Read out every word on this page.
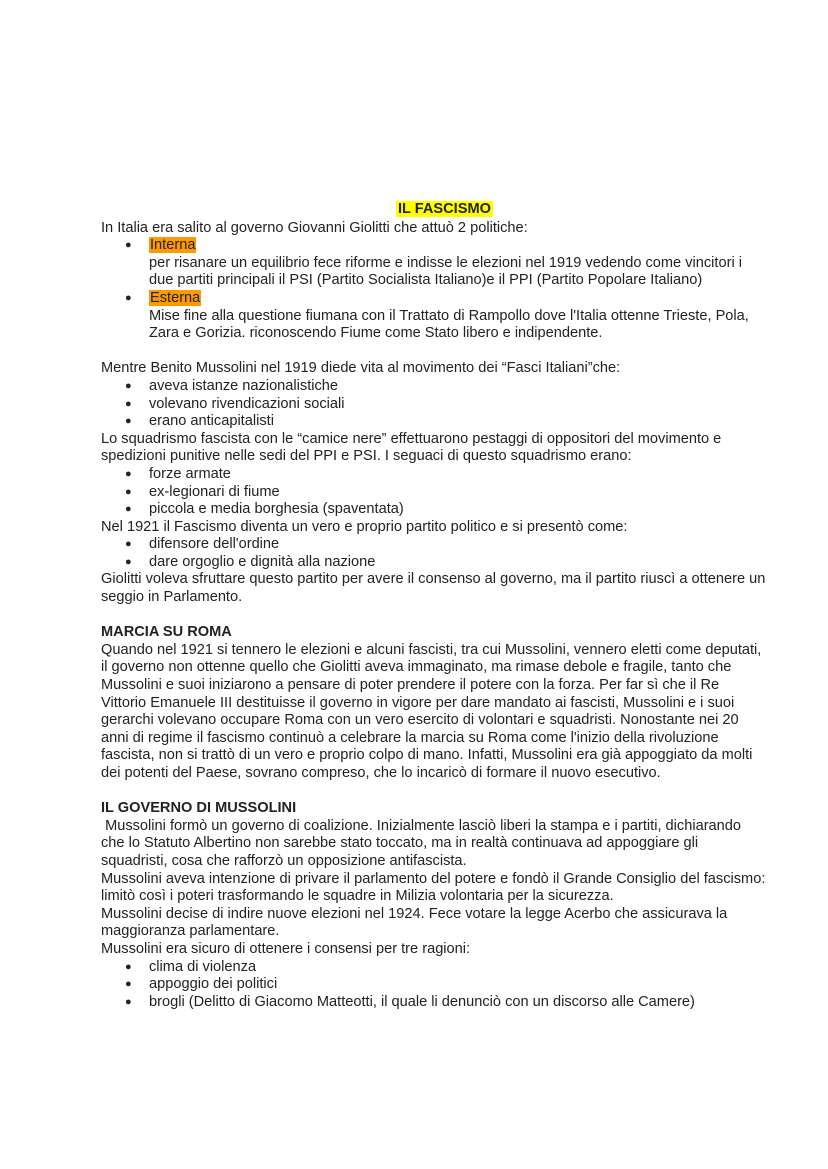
IL FASCISMO

In Italia era salito al governo Giovanni Giolitti che attuò 2 politiche:

● Interna

per risanare un equilibrio fece riforme e indisse le elezioni nel 1919 vedendo come vincitori i due partiti principali il PSI (Partito Socialista Italiano)e il PPI (Partito Popolare Italiano)

● Esterna

Mise fine alla questione fiumana con il Trattato di Rampollo dove l'Italia ottenne Trieste, Pola, Zara e Gorizia. riconoscendo Fiume come Stato libero e indipendente.

Mentre Benito Mussolini nel 1919 diede vita al movimento dei “Fasci Italiani”che:

● aveva istanze nazionalistiche
● volevano rivendicazioni sociali
● erano anticapitalisti

Lo squadrismo fascista con le “camice nere” effettuarono pestaggi di oppositori del movimento e spedizioni punitive nelle sedi del PPI e PSI. I seguaci di questo squadrismo erano:

● forze armate
● ex-legionari di fiume
● piccola e media borghesia (spaventata)

Nel 1921 il Fascismo diventa un vero e proprio partito politico e si presentò come:

● difensore dell'ordine
● dare orgoglio e dignità alla nazione

Giolitti voleva sfruttare questo partito per avere il consenso al governo, ma il partito riuscì a ottenere un seggio in Parlamento.

MARCIA SU ROMA

Quando nel 1921 si tennero le elezioni e alcuni fascisti, tra cui Mussolini, vennero eletti come deputati, il governo non ottenne quello che Giolitti aveva immaginato, ma rimase debole e fragile, tanto che Mussolini e suoi iniziarono a pensare di poter prendere il potere con la forza. Per far sì che il Re Vittorio Emanuele III destituisse il governo in vigore per dare mandato ai fascisti, Mussolini e i suoi gerarchi volevano occupare Roma con un vero esercito di volontari e squadristi. Nonostante nei 20 anni di regime il fascismo continuò a celebrare la marcia su Roma come l'inizio della rivoluzione fascista, non si trattò di un vero e proprio colpo di mano. Infatti, Mussolini era già appoggiato da molti dei potenti del Paese, sovrano compreso, che lo incaricò di formare il nuovo esecutivo.

IL GOVERNO DI MUSSOLINI

Mussolini formò un governo di coalizione. Inizialmente lasciò liberi la stampa e i partiti, dichiarando che lo Statuto Albertino non sarebbe stato toccato, ma in realtà continuava ad appoggiare gli squadristi, cosa che rafforzò un opposizione antifascista.

Mussolini aveva intenzione di privare il parlamento del potere e fondò il Grande Consiglio del fascismo: limitò così i poteri trasformando le squadre in Milizia volontaria per la sicurezza.

Mussolini decise di indire nuove elezioni nel 1924. Fece votare la legge Acerbo che assicurava la maggioranza parlamentare.

Mussolini era sicuro di ottenere i consensi per tre ragioni:

● clima di violenza
● appoggio dei politici
● brogli (Delitto di Giacomo Matteotti, il quale li denunciò con un discorso alle Camere)
